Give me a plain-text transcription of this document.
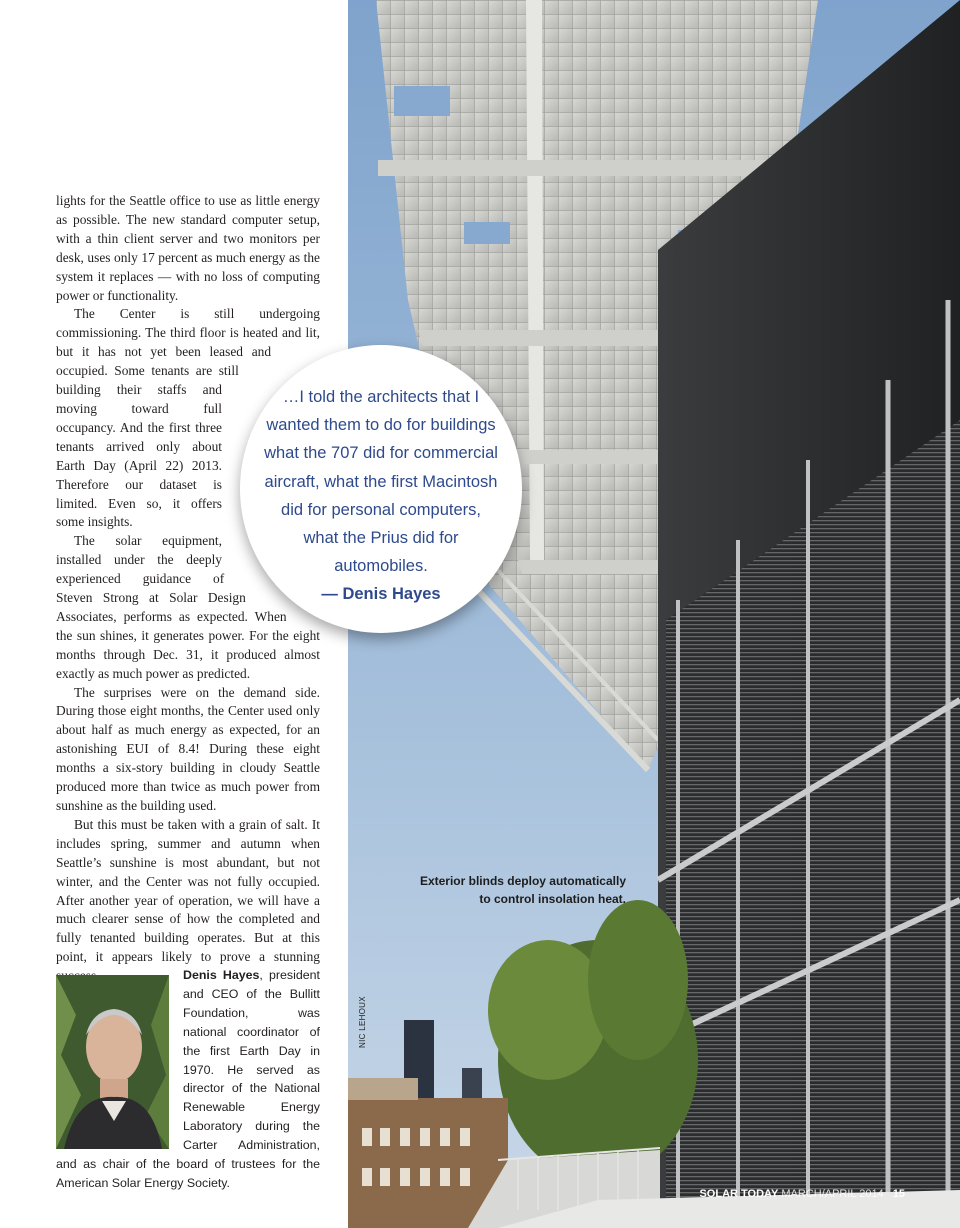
lights for the Seattle office to use as little energy as possible. The new standard computer setup, with a thin client server and two monitors per desk, uses only 17 percent as much energy as the system it replaces — with no loss of computing power or functionality.

The Center is still undergoing commissioning. The third floor is heated and lit, but it has not yet been leased and occupied. Some tenants are still building their staffs and moving toward full occupancy. And the first three tenants arrived only about Earth Day (April 22) 2013. Therefore our dataset is limited. Even so, it offers some insights.

The solar equipment, installed under the deeply experienced guidance of Steven Strong at Solar Design Associates, performs as expected. When the sun shines, it generates power. For the eight months through Dec. 31, it produced almost exactly as much power as predicted.

The surprises were on the demand side. During those eight months, the Center used only about half as much energy as expected, for an astonishing EUI of 8.4! During these eight months a six-story building in cloudy Seattle produced more than twice as much power from sunshine as the building used.

But this must be taken with a grain of salt. It includes spring, summer and autumn when Seattle’s sunshine is most abundant, but not winter, and the Center was not fully occupied. After another year of operation, we will have a much clearer sense of how the completed and fully tenanted building operates. But at this point, it appears likely to prove a stunning

…I told the architects that I wanted them to do for buildings what the 707 did for commercial aircraft, what the first Macintosh did for personal computers, what the Prius did for automobiles.

— Denis Hayes

Exterior blinds deploy automatically to control insolation heat.
NIC LEHOUX
Denis Hayes, president and CEO of the Bullitt Foundation, was national coordinator of the first Earth Day in 1970. He served as director of the National Renewable Energy Laboratory during the Carter Administration, and as chair of the board of trustees for the American Solar Energy Society.
SOLAR TODAY MARCH/APRIL 2014 15
